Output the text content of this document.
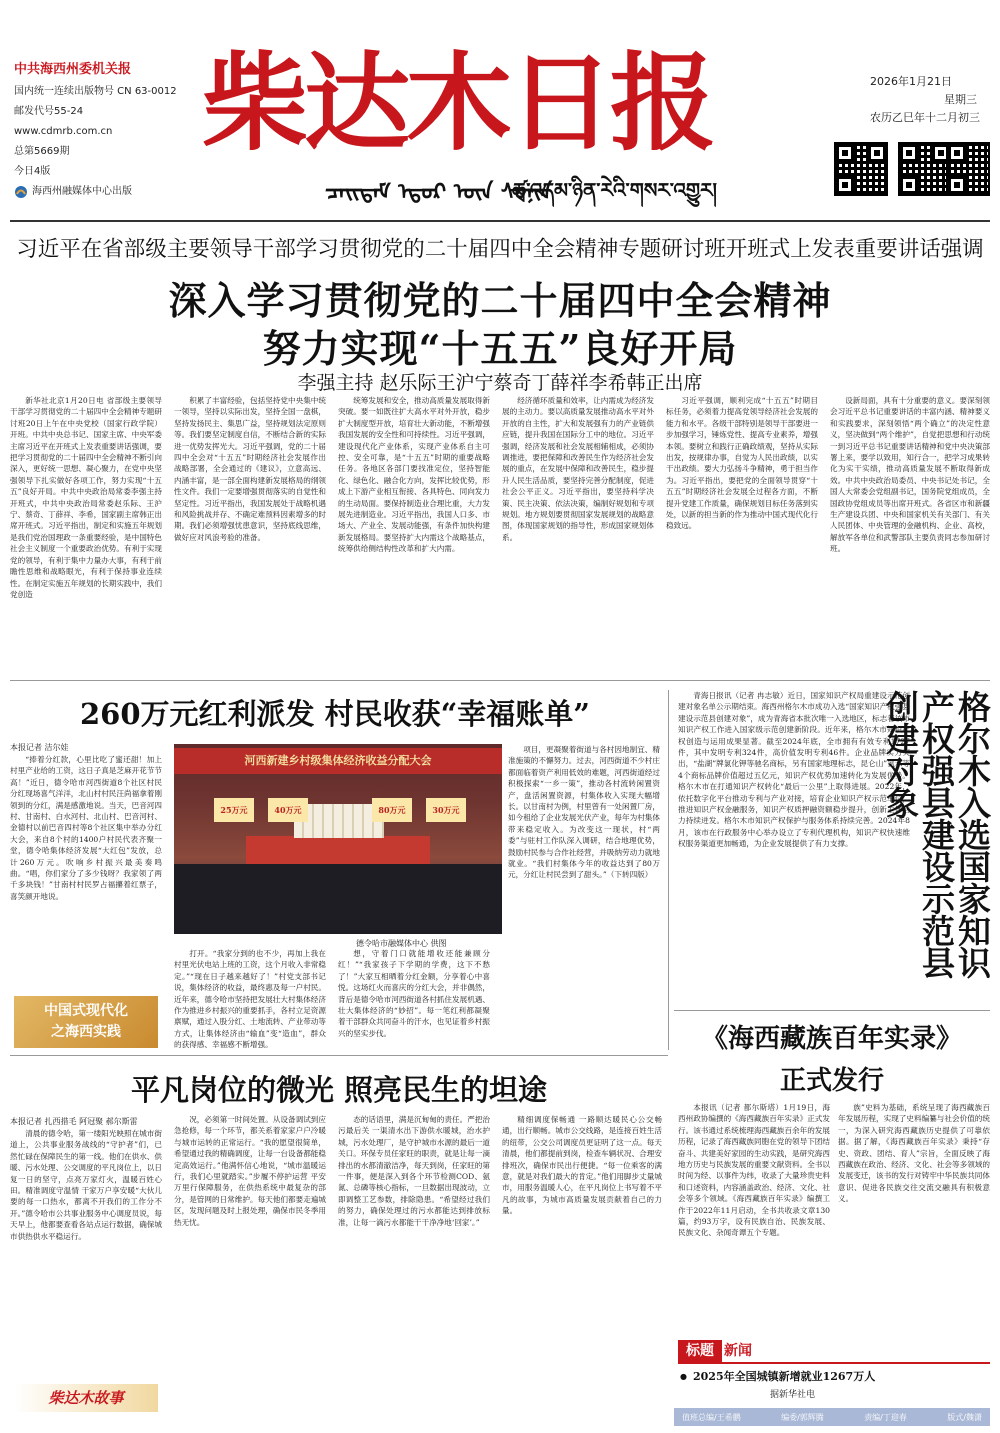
中共海西州委机关报
国内统一连续出版物号 CN 63-0012
邮发代号55-24
www.cdmrb.com.cn
总第5669期
今日4版
海西州融媒体中心出版
柴达木日报
ᠴᠠᠢᠳᠠᠮ ᠡᠳᠦᠷ ᠦᠨ ᠰᠣᠨᠢᠨ
ཚྭ་འདམ་ཉིན་རེའི་གསར་འགྱུར།
2026年1月21日
星期三
农历乙巳年十二月初三
习近平在省部级主要领导干部学习贯彻党的二十届四中全会精神专题研讨班开班式上发表重要讲话强调
深入学习贯彻党的二十届四中全会精神
努力实现“十五五”良好开局
李强主持 赵乐际王沪宁蔡奇丁薛祥李希韩正出席

新华社北京1月20日电 省部级主要领导干部学习贯彻党的二十届四中全会精神专题研讨班20日上午在中央党校（国家行政学院）开班。中共中央总书记、国家主席、中央军委主席习近平在开班式上发表重要讲话强调，要把学习贯彻党的二十届四中全会精神不断引向深入，更好统一思想、凝心聚力，在党中央坚强领导下扎实做好各项工作，努力实现“十五五”良好开局。中共中央政治局常委李强主持开班式，中共中央政治局常委赵乐际、王沪宁、蔡奇、丁薛祥、李希，国家副主席韩正出席开班式。习近平指出，制定和实施五年规划是我们党治国理政一条重要经验，是中国特色社会主义制度一个重要政治优势。有利于实现党的领导，有利于集中力量办大事，有利于前瞻性思维和战略眼光，有利于保持事业连续性。在制定实施五年规划的长期实践中，我们党创造

积累了丰富经验，包括坚持党中央集中统一领导，坚持以实际出发，坚持全国一盘棋，坚持发扬民主、集思广益，坚持规划法定原则等。我们要坚定制度自信，不断结合新的实际进一优势发挥光大。习近平强调，党的二十届四中全会对“十五五”时期经济社会发展作出战略部署，全会通过的《建议》，立意高远、内涵丰富，是一部全面构建新发展格局的纲领性文件。我们一定要增强贯彻落实的自觉性和坚定性。习近平指出，我国发展处于战略机遇和风险挑战并存、不确定难预料因素增多的时期。我们必须增强忧患意识，坚持底线思维，做好应对风浪考验的准备。

统筹发展和安全，推动高质量发展取得新突破。要一如既往扩大高水平对外开放，稳步扩大制度型开放，培育壮大新动能，不断增强我国发展的安全性和可持续性。习近平强调，建设现代化产业体系，实现产业体系自主可控、安全可靠，是“十五五”时期的重要战略任务。各地区各部门要找准定位，坚持智能化、绿色化、融合化方向，发挥比较优势，形成上下游产业相互衔接、各具特色、同向发力的生动局面。要保持制造业合理比重，大力发展先进制造业。习近平指出，我国人口多、市场大、产业全、发展动能强，有条件加快构建新发展格局。要坚持扩大内需这个战略基点，统筹供给侧结构性改革和扩大内需。

经济循环质量和效率，让内需成为经济发展的主动力。要以高质量发展推动高水平对外开放的自主性，扩大和发展强有力的产业链供应链，提升我国在国际分工中的地位。习近平强调，经济发展和社会发展相辅相成，必须协调推进，要把保障和改善民生作为经济社会发展的重点，在发展中保障和改善民生，稳步提升人民生活品质，要坚持完善分配制度，促进社会公平正义。习近平指出，要坚持科学决策、民主决策、依法决策，编制好规划和专项规划。地方规划要贯彻国家发展规划的战略意图，体现国家规划的指导性，形成国家规划体系。

习近平强调，顺利完成“十五五”时期目标任务，必须着力提高党领导经济社会发展的能力和水平。各级干部特别是领导干部要进一步加强学习，锤炼党性、提高专业素养，增强本领。要树立和践行正确政绩观，坚持从实际出发，按规律办事，自觉为人民出政绩，以实干出政绩。要大力弘扬斗争精神，勇于担当作为。习近平指出，要把党的全面领导贯穿“十五五”时期经济社会发展全过程各方面，不断提升党建工作质量，确保规划目标任务落到实处，以新的担当新的作为推动中国式现代化行稳致远。

设新局面，具有十分重要的意义。要深刻领会习近平总书记重要讲话的丰富内涵、精神要义和实践要求，深刻领悟“两个确立”的决定性意义，坚决做到“两个维护”，自觉把思想和行动统一到习近平总书记重要讲话精神和党中央决策部署上来，要学以致用，知行合一，把学习成果转化为实干实绩，推动高质量发展不断取得新成效。中共中央政治局委员、中央书记处书记，全国人大常委会党组副书记，国务院党组成员，全国政协党组成员等出席开班式。各省区市和新疆生产建设兵团、中央和国家机关有关部门、有关人民团体、中央管理的金融机构、企业、高校，解放军各单位和武警部队主要负责同志参加研讨班。

260万元红利派发 村民收获“幸福账单”
本报记者 洁尔娃

“捧着分红款，心里比吃了蜜还甜！加上村里产业给的工资，这日子真是芝麻开花节节高！”近日，德令哈市河西街道8个社区村民分红现场喜气洋洋，北山村村民汪尚福拿着刚领到的分红，满是感激地说。当天，巴音河四村、甘南村、白水河村、北山村、巴音河村、金德村以前巴音四村等8个社区集中举办分红大会，来自8个村的1400户村民代表齐聚一堂，德令哈集体经济发展“大红包”发放，总计260万元。吹响乡村振兴最美奏鸣曲。“唱，你们家分了多少钱呀？我家领了两千多块钱！”甘南村村民罗占福攥着红票子，喜笑颜开地说。

河西新建乡村级集体经济收益分配大会
25万元	40万元	80万元	30万元
德令哈市融媒体中心 供图

打开。“我家分到的也不少，再加上我在村里光伏电站上班的工资，这个月收入非常稳定。”“现在日子越来越好了！”村党支部书记说，集体经济的收益，最终惠及每一户村民。近年来，德令哈市坚持把发展壮大村集体经济作为推进乡村振兴的重要抓手，各村立足资源禀赋，通过入股分红、土地流转、产业带动等方式，让集体经济由“输血”变“造血”，群众的获得感、幸福感不断增强。

想，守着门口就能增收还能兼顾分红！”“我家孩子下学期的学费，这下不愁了！”大家互相晒着分红金额，分享着心中喜悦。这场红火而喜庆的分红大会，并非偶然，背后是德令哈市河西街道各村抓住发展机遇、壮大集体经济的“妙招”。每一笔红利都凝聚着干部群众共同奋斗的汗水，也见证着乡村振兴的坚实步伐。

项目，更凝聚着街道与各村因地制宜、精准施策的不懈努力。过去，河西街道不少村庄都面临着资产利用低效的难题，河西街道经过积极探索“一乡一策”，推动各村流转闲置资产，盘活闲置资源，村集体收入实现大幅增长。以甘南村为例，村里曾有一处闲置厂房，如今租给了企业发展光伏产业，每年为村集体带来稳定收入。为改变这一现状，村“两委”与驻村工作队深入调研，结合地理优势，鼓励村民参与合作社经营，并吸纳劳动力就地就业。“我们村集体今年的收益达到了80万元，分红让村民尝到了甜头。”（下转四版）

中国式现代化
之海西实践

青海日报讯（记者 冉志敏）近日，国家知识产权局重建设示范创建对象名单公示期结束。海西州格尔木市成功入选“国家知识产权强县建设示范县创建对象”，成为青海省本批次唯一入选地区，标志着该市知识产权工作进入国家级示范创建新阶段。近年来，格尔木市知识产权创造与运用成果显著。截至2024年底，全市拥有有效专利1727件，其中发明专利324件，高价值发明专利46件。企业品牌实力突出，“盐湖”牌氯化钾等驰名商标，另有国家地理标志，昆仑山”氨水等4个商标品牌价值超过五亿元，知识产权优势加速转化为发展优势。格尔木市在打通知识产权转化“最后一公里”上取得进展。2022年，依托数字化平台推动专利与产业对接，培育企业知识产权示范单位，推进知识产权金融服务，知识产权质押融资额稳步提升，创新主体活力持续迸发。格尔木市知识产权保护与服务体系持续完善。2024年8月，该市在行政服务中心举办设立了专利代理机构，知识产权快速维权服务渠道更加畅通，为企业发展提供了有力支撑。	格尔木入选国家知识产权强县建设示范县创建对象
《海西藏族百年实录》
正式发行

本报讯（记者 都尔斯塔）1月19日，海西州政协编撰的《海西藏族百年实录》正式发行。该书通过系统梳理海西藏族百余年的发展历程，记录了海西藏族同胞在党的领导下团结奋斗、共建美好家园的生动实践，是研究海西地方历史与民族发展的重要文献资料。全书以时间为经、以事件为纬，收录了大量珍贵史料和口述资料，内容涵盖政治、经济、文化、社会等多个领域。《海西藏族百年实录》编撰工作于2022年11月启动，全书共收录文章130篇，约93万字，设有民族自治、民族发展、民族文化、杂闻奇谭五个专题。

族”史料为基础，系统呈现了海西藏族百年发展历程，实现了史料编纂与社会价值的统一，为深入研究海西藏族历史提供了可靠依据。据了解，《海西藏族百年实录》秉持“存史、资政、团结、育人”宗旨，全面反映了海西藏族在政治、经济、文化、社会等多领域的发展变迁，该书的发行对铸牢中华民族共同体意识、促进各民族交往交流交融具有积极意义。

标题 新闻
● 2025年全国城镇新增就业1267万人
据新华社电
平凡岗位的微光 照亮民生的坦途
本报记者 扎西措毛 阿冠聚 郝尔斯雷

清晨的德令哈，第一缕阳光映照在城市街道上，公共事业服务战线的“守护者”们，已然忙碌在保障民生的第一线。他们在供水、供暖、污水处理、公交调度的平凡岗位上，以日复一日的坚守，点亮万家灯火，温暖百姓心田。精准调度守温情 干家万户享安暖“大伙儿要的每一口热水，都离不开我们的工作分不开。”德令哈市公共事业服务中心调度员说，每天早上，他都要查看各站点运行数据，确保城市供热供水平稳运行。

况，必须第一时间处置。从设备调试到应急抢修，每一个环节，都关系着家家户户冷暖与城市运转的正常运行。“我的愿望很简单，希望通过我的精确调度，让每一台设备都能稳定高效运行。”他满怀信心地说，“城市温暖运行，我们心里就踏实。”步履不停护运营 平安万里行保障服务，在供热系统中最复杂的部分，是管网的日常维护。每天他们都要走遍城区，发现问题及时上报处理，确保市民冬季用热无忧。

态的话语里，满是沉甸甸的责任。严把治污最后关 一渠清水出下游供水暖城，治水护城，污水处理厂，是守护城市水源的最后一道关口。环保专员任家旺的职责，就是让每一滴排出的水都清澈洁净，每天到岗，任家旺的第一件事，便是深入到各个环节检测COD、氨氮、总磷等核心指标，一旦数据出现波动，立即调整工艺参数，排除隐患。“希望经过我们的努力，确保处理过的污水都能达到排放标准，让每一滴污水都能干干净净地‘回家’。”

精细调度保畅通 一路顺达暖民心公交畅通，出行顺畅。城市公交线路，是连接百姓生活的纽带，公交公司调度员更证明了这一点。每天清晨，他们都提前到岗，检查车辆状况、合理安排班次，确保市民出行便捷。“每一位乘客的满意，就是对我们最大的肯定。”他们用脚步丈量城市，用服务温暖人心，在平凡岗位上书写着不平凡的故事，为城市高质量发展贡献着自己的力量。

柴达木故事
值班总编/王希鹏	编委/郭辉腾	责编/丁迎春	版式/魏潇
